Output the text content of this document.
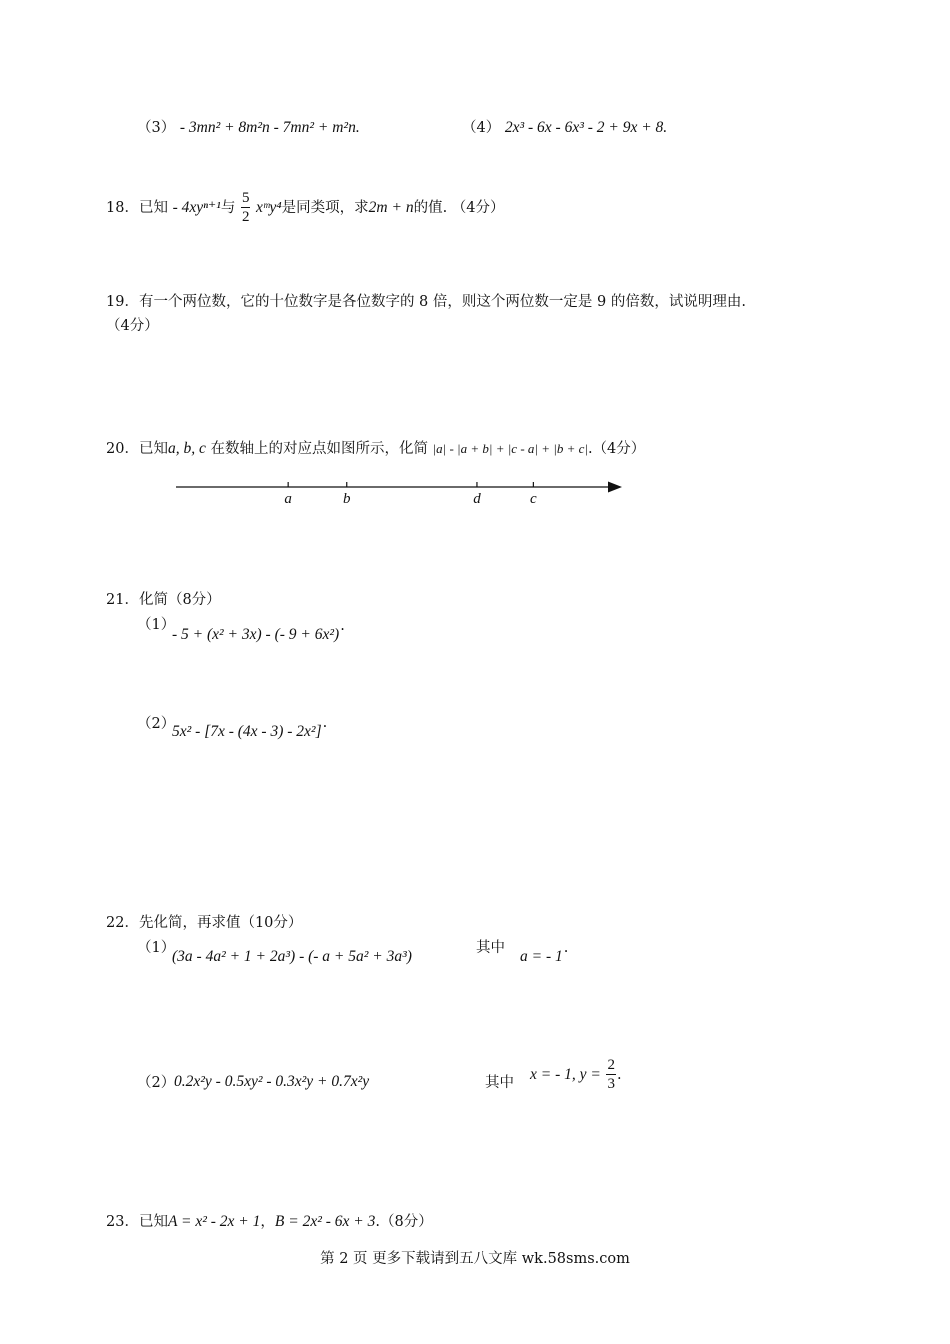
（3） - 3mn² + 8m²n - 7mn² + m²n.	（4） 2x³ - 6x - 6x³ - 2 + 9x + 8.
18．已知 - 4xyⁿ⁺¹与 $\frac{5}{2}$ xᵐy⁴是同类项，求2m + n的值. （4分）
19．有一个两位数，它的十位数字是各位数字的 8 倍，则这个两位数一定是 9 的倍数，试说明理由.
（4分）
20．已知a, b, c 在数轴上的对应点如图所示，化简 |a| - |a + b| + |c - a| + |b + c|.（4分）
a	b	d	c
21．化简（8分）
（1）
- 5 + (x² + 3x) - (- 9 + 6x²).
（2）
5x² - [7x - (4x - 3) - 2x²].
22．先化简，再求值（10分）
（1）
(3a - 4a² + 1 + 2a³) - (- a + 5a² + 3a³)	其中 a = - 1.
（2）
0.2x²y - 0.5xy² - 0.3x²y + 0.7x²y	其中 x = - 1, $y = \frac{2}{3}$ .
23．已知A = x² - 2x + 1，B = 2x² - 6x + 3.（8分）
第 2 页 更多下载请到五八文库 wk.58sms.com
